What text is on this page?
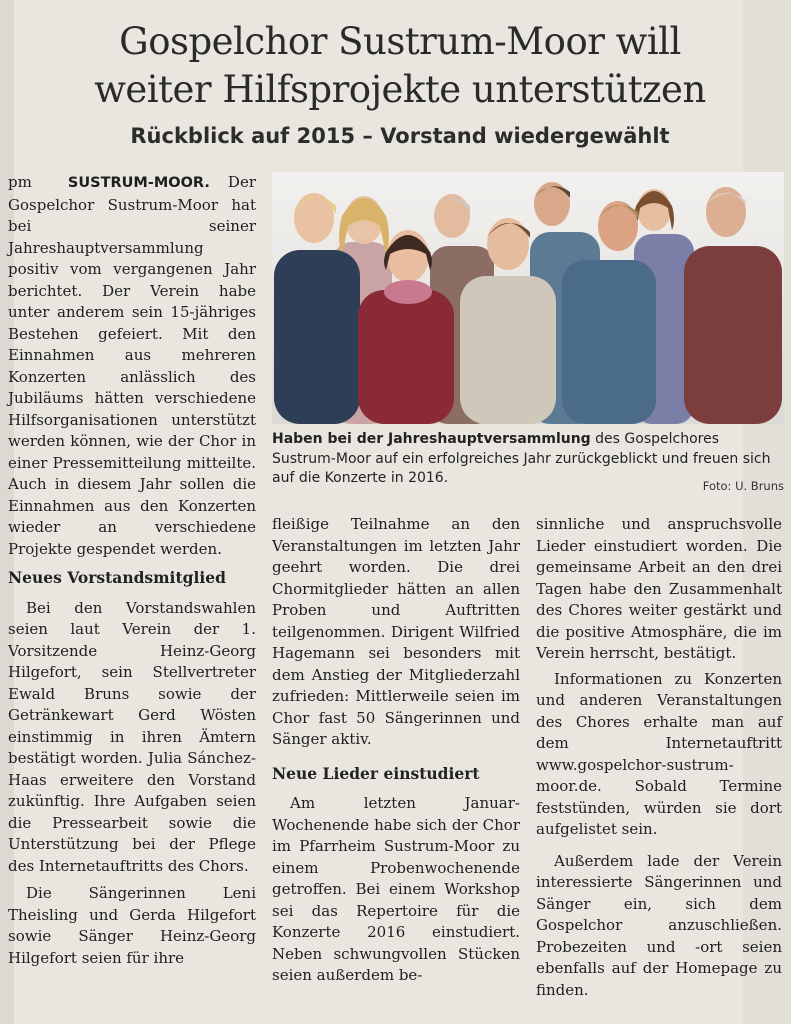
Gospelchor Sustrum-Moor will
weiter Hilfsprojekte unterstützen
Rückblick auf 2015 – Vorstand wiedergewählt

pm SUSTRUM-MOOR. Der Gospelchor Sustrum-Moor hat bei seiner Jahreshauptversammlung positiv vom vergangenen Jahr berichtet. Der Verein habe unter anderem sein 15-jähriges Bestehen gefeiert. Mit den Einnahmen aus mehreren Konzerten anlässlich des Jubiläums hätten verschiedene Hilfsorganisationen unterstützt werden können, wie der Chor in einer Pressemitteilung mitteilte. Auch in diesem Jahr sollen die Einnahmen aus den Konzerten wieder an verschiedene Projekte gespendet werden.

Neues Vorstandsmitglied

Bei den Vorstandswahlen seien laut Verein der 1. Vorsitzende Heinz-Georg Hilgefort, sein Stellvertreter Ewald Bruns sowie der Getränkewart Gerd Wösten einstimmig in ihren Ämtern bestätigt worden. Julia Sánchez-Haas erweitere den Vorstand zukünftig. Ihre Aufgaben seien die Pressearbeit sowie die Unterstützung bei der Pflege des Internetauftritts des Chors.

Die Sängerinnen Leni Theisling und Gerda Hilgefort sowie Sänger Heinz-Georg Hilgefort seien für ihre

Haben bei der Jahreshauptversammlung des Gospelchores Sustrum-Moor auf ein erfolgreiches Jahr zurückgeblickt und freuen sich auf die Konzerte in 2016.	Foto: U. Bruns

fleißige Teilnahme an den Veranstaltungen im letzten Jahr geehrt worden. Die drei Chormitglieder hätten an allen Proben und Auftritten teilgenommen. Dirigent Wilfried Hagemann sei besonders mit dem Anstieg der Mitgliederzahl zufrieden: Mittlerweile seien im Chor fast 50 Sängerinnen und Sänger aktiv.

Neue Lieder einstudiert

Am letzten Januar-Wochenende habe sich der Chor im Pfarrheim Sustrum-Moor zu einem Probenwochenende getroffen. Bei einem Workshop sei das Repertoire für die Konzerte 2016 einstudiert. Neben schwungvollen Stücken seien außerdem be-

sinnliche und anspruchsvolle Lieder einstudiert worden. Die gemeinsame Arbeit an den drei Tagen habe den Zusammenhalt des Chores weiter gestärkt und die positive Atmosphäre, die im Verein herrscht, bestätigt.

Informationen zu Konzerten und anderen Veranstaltungen des Chores erhalte man auf dem Internetauftritt www.gospelchor-sustrum-moor.de. Sobald Termine feststünden, würden sie dort aufgelistet sein.

Außerdem lade der Verein interessierte Sängerinnen und Sänger ein, sich dem Gospelchor anzuschließen. Probezeiten und -ort seien ebenfalls auf der Homepage zu finden.
